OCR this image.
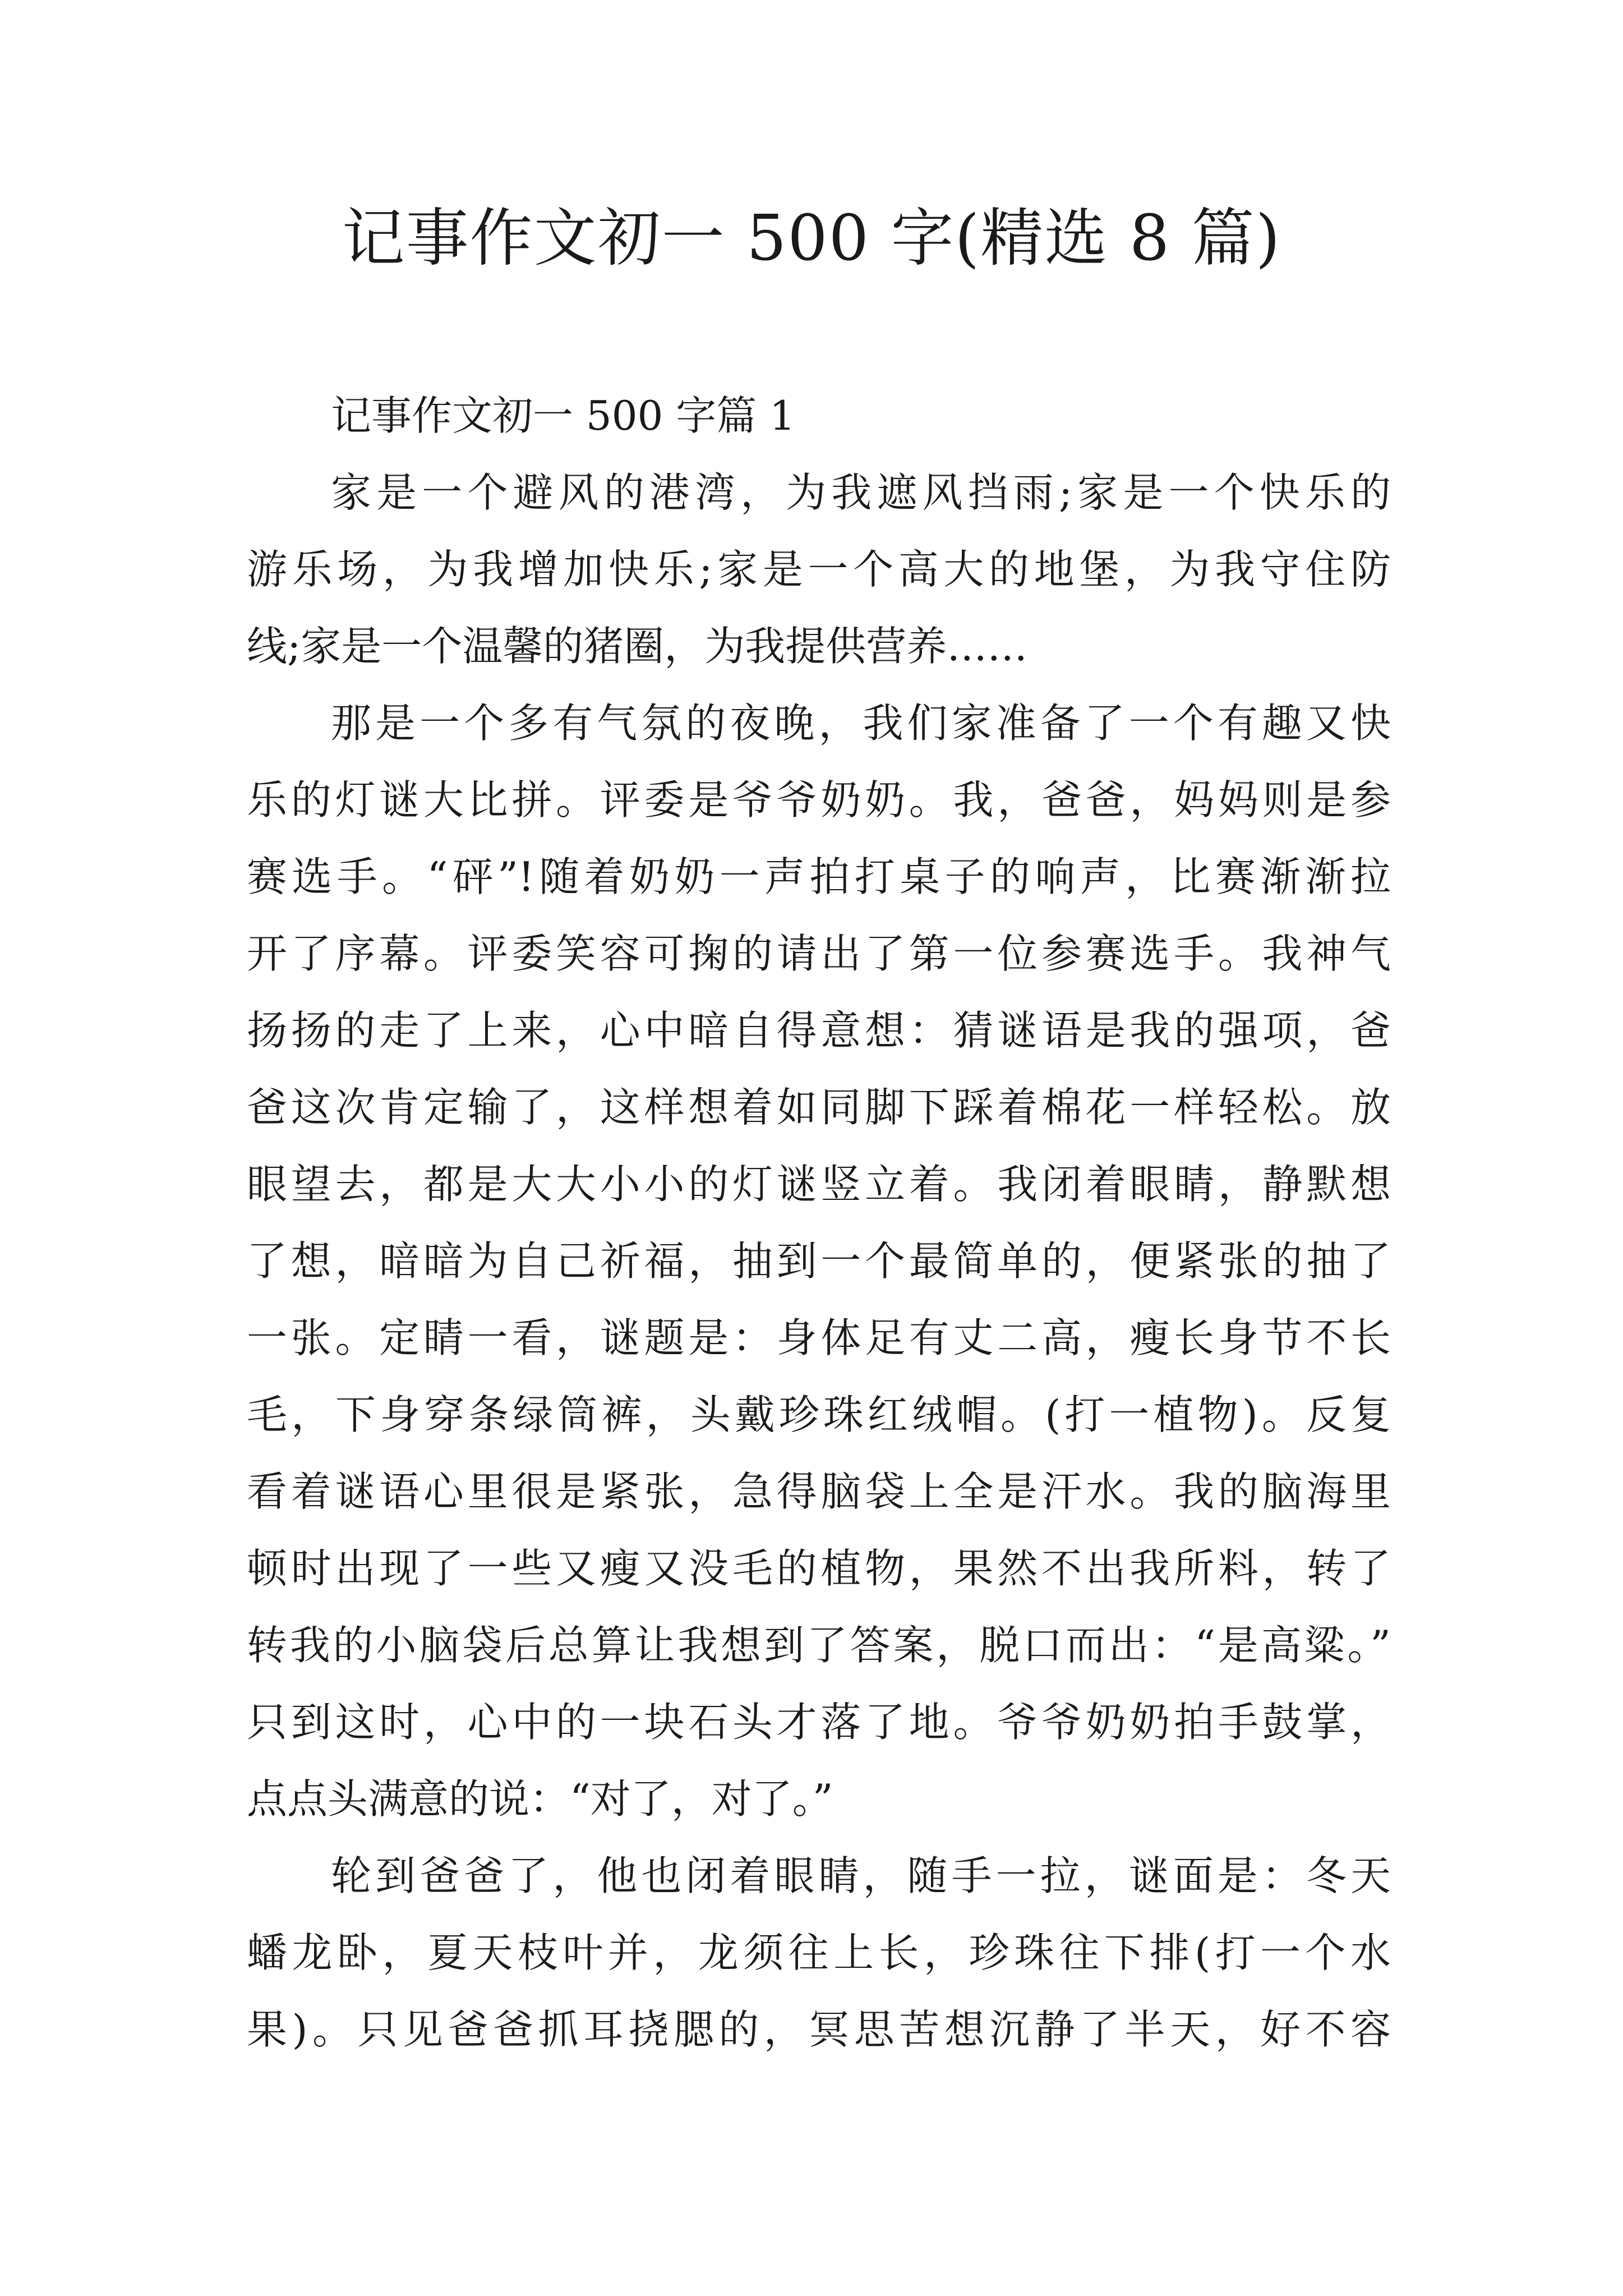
记事作文初一 500 字(精选 8 篇)
记事作文初一 500 字篇 1
家是一个避风的港湾，为我遮风挡雨;家是一个快乐的
游乐场，为我增加快乐;家是一个高大的地堡，为我守住防
线;家是一个温馨的猪圈，为我提供营养……
那是一个多有气氛的夜晚，我们家准备了一个有趣又快
乐的灯谜大比拼。评委是爷爷奶奶。我，爸爸，妈妈则是参
赛选手。“砰”!随着奶奶一声拍打桌子的响声，比赛渐渐拉
开了序幕。评委笑容可掬的请出了第一位参赛选手。我神气
扬扬的走了上来，心中暗自得意想：猜谜语是我的强项，爸
爸这次肯定输了，这样想着如同脚下踩着棉花一样轻松。放
眼望去，都是大大小小的灯谜竖立着。我闭着眼睛，静默想
了想，暗暗为自己祈福，抽到一个最简单的，便紧张的抽了
一张。定睛一看，谜题是：身体足有丈二高，瘦长身节不长
毛，下身穿条绿筒裤，头戴珍珠红绒帽。(打一植物)。反复
看着谜语心里很是紧张，急得脑袋上全是汗水。我的脑海里
顿时出现了一些又瘦又没毛的植物，果然不出我所料，转了
转我的小脑袋后总算让我想到了答案，脱口而出：“是高粱。”
只到这时，心中的一块石头才落了地。爷爷奶奶拍手鼓掌，
点点头满意的说：“对了，对了。”
轮到爸爸了，他也闭着眼睛，随手一拉，谜面是：冬天
蟠龙卧，夏天枝叶并，龙须往上长，珍珠往下排(打一个水
果)。只见爸爸抓耳挠腮的，冥思苦想沉静了半天，好不容
